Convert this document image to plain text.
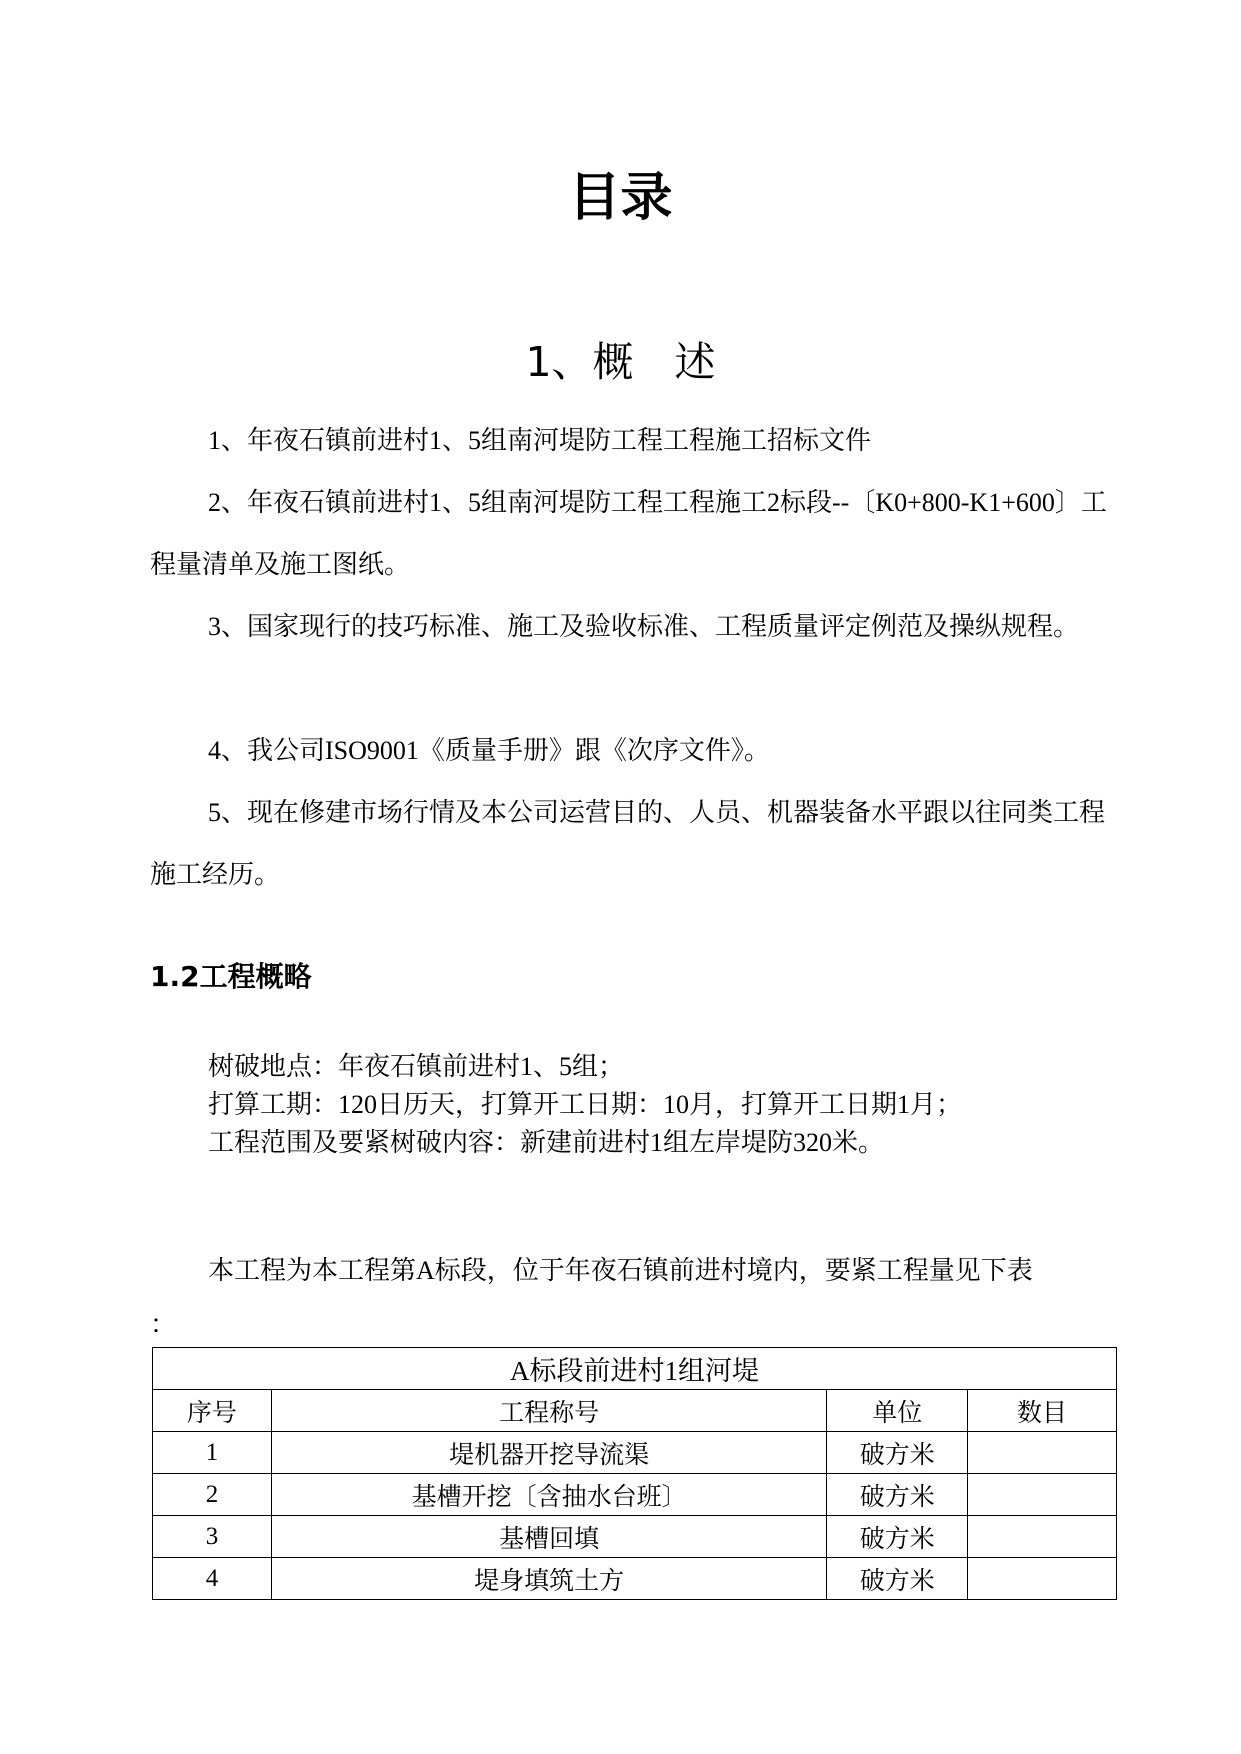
目录
1、概　述

1、年夜石镇前进村1、5组南河堤防工程工程施工招标文件

2、年夜石镇前进村1、5组南河堤防工程工程施工2标段--〔K0+800-K1+600〕工程量清单及施工图纸。

3、国家现行的技巧标准、施工及验收标准、工程质量评定例范及操纵规程。

4、我公司ISO9001《质量手册》跟《次序文件》。

5、现在修建市场行情及本公司运营目的、人员、机器装备水平跟以往同类工程施工经历。

1.2工程概略
树破地点：年夜石镇前进村1、5组；
打算工期：120日历天，打算开工日期：10月，打算开工日期1月；
工程范围及要紧树破内容：新建前进村1组左岸堤防320米。
本工程为本工程第A标段，位于年夜石镇前进村境内，要紧工程量见下表
：
A标段前进村1组河堤			
序号	工程称号	单位	数目
1	堤机器开挖导流渠	破方米	
2	基槽开挖〔含抽水台班〕	破方米	
3	基槽回填	破方米	
4	堤身填筑土方	破方米	
